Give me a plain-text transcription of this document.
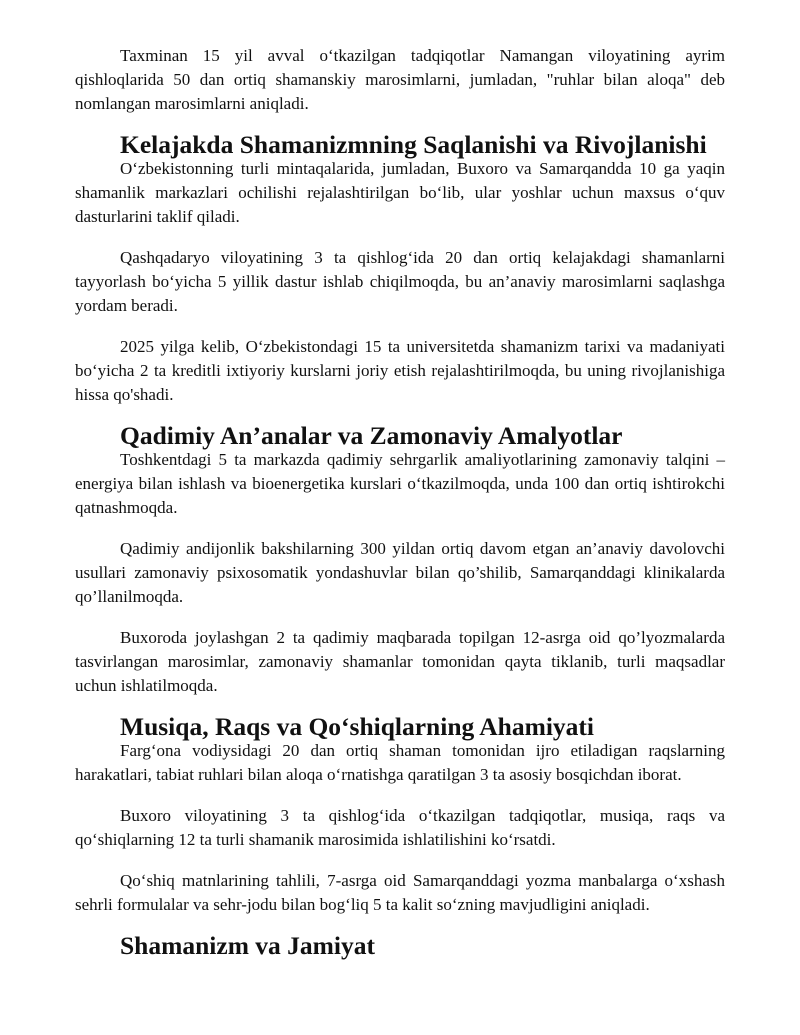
Taxminan 15 yil avval o‘tkazilgan tadqiqotlar Namangan viloyatining ayrim qishloqlarida 50 dan ortiq shamanskiy marosimlarni, jumladan, "ruhlar bilan aloqa" deb nomlangan marosimlarni aniqladi.

Kelajakda Shamanizmning Saqlanishi va Rivojlanishi

O‘zbekistonning turli mintaqalarida, jumladan, Buxoro va Samarqandda 10 ga yaqin shamanlik markazlari ochilishi rejalashtirilgan bo‘lib, ular yoshlar uchun maxsus o‘quv dasturlarini taklif qiladi.

Qashqadaryo viloyatining 3 ta qishlog‘ida 20 dan ortiq kelajakdagi shamanlarni tayyorlash bo‘yicha 5 yillik dastur ishlab chiqilmoqda, bu an’anaviy marosimlarni saqlashga yordam beradi.

2025 yilga kelib, O‘zbekistondagi 15 ta universitetda shamanizm tarixi va madaniyati bo‘yicha 2 ta kreditli ixtiyoriy kurslarni joriy etish rejalashtirilmoqda, bu uning rivojlanishiga hissa qo'shadi.

Qadimiy An’analar va Zamonaviy Amalyotlar

Toshkentdagi 5 ta markazda qadimiy sehrgarlik amaliyotlarining zamonaviy talqini – energiya bilan ishlash va bioenergetika kurslari o‘tkazilmoqda, unda 100 dan ortiq ishtirokchi qatnashmoqda.

Qadimiy andijonlik bakshilarning 300 yildan ortiq davom etgan an’anaviy davolovchi usullari zamonaviy psixosomatik yondashuvlar bilan qo’shilib, Samarqanddagi klinikalarda qo’llanilmoqda.

Buxoroda joylashgan 2 ta qadimiy maqbarada topilgan 12-asrga oid qo’lyozmalarda tasvirlangan marosimlar, zamonaviy shamanlar tomonidan qayta tiklanib, turli maqsadlar uchun ishlatilmoqda.

Musiqa, Raqs va Qo‘shiqlarning Ahamiyati

Farg‘ona vodiysidagi 20 dan ortiq shaman tomonidan ijro etiladigan raqslarning harakatlari, tabiat ruhlari bilan aloqa o‘rnatishga qaratilgan 3 ta asosiy bosqichdan iborat.

Buxoro viloyatining 3 ta qishlog‘ida o‘tkazilgan tadqiqotlar, musiqa, raqs va qo‘shiqlarning 12 ta turli shamanik marosimida ishlatilishini ko‘rsatdi.

Qo‘shiq matnlarining tahlili, 7-asrga oid Samarqanddagi yozma manbalarga o‘xshash sehrli formulalar va sehr-jodu bilan bog‘liq 5 ta kalit so‘zning mavjudligini aniqladi.

Shamanizm va Jamiyat
